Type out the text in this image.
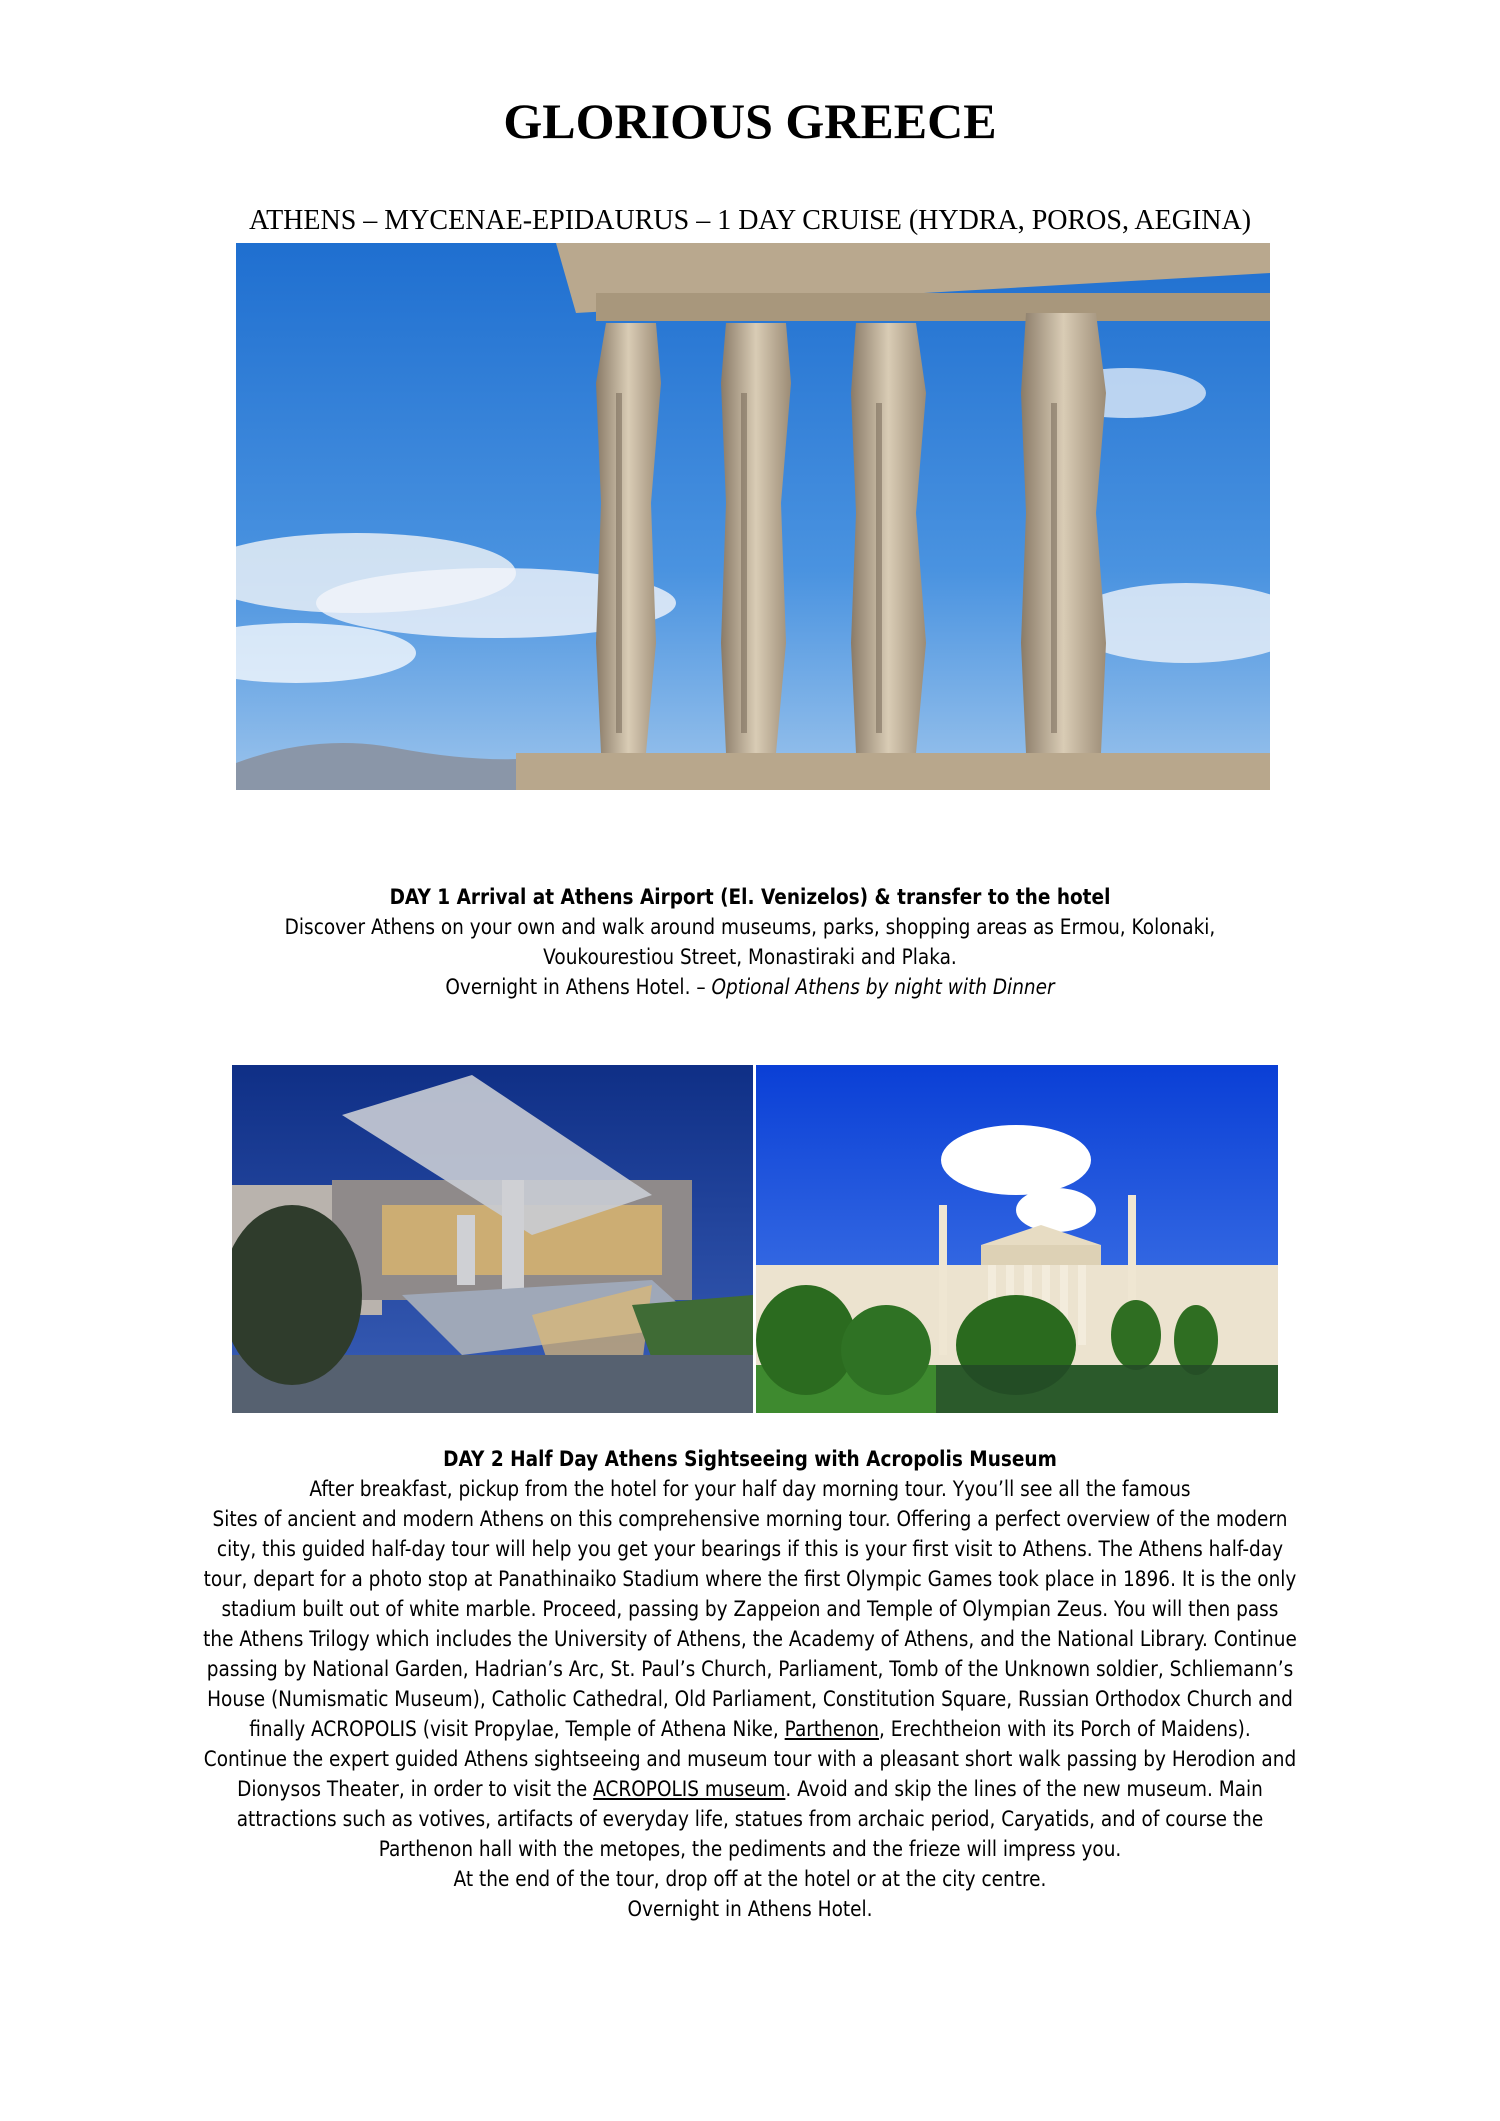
GLORIOUS GREECE

ATHENS – MYCENAE-EPIDAURUS – 1 DAY CRUISE (HYDRA, POROS, AEGINA)

DAY 1 Arrival at Athens Airport (El. Venizelos) & transfer to the hotel

Discover Athens on your own and walk around museums, parks, shopping areas as Ermou, Kolonaki,

Voukourestiou Street, Monastiraki and Plaka.

Overnight in Athens Hotel. – Optional Athens by night with Dinner

DAY 2 Half Day Athens Sightseeing with Acropolis Museum

After breakfast, pickup from the hotel for your half day morning tour. Yyou’ll see all the famous

Sites of ancient and modern Athens on this comprehensive morning tour. Offering a perfect overview of the modern

city, this guided half-day tour will help you get your bearings if this is your first visit to Athens. The Athens half-day

tour, depart for a photo stop at Panathinaiko Stadium where the first Olympic Games took place in 1896. It is the only

stadium built out of white marble. Proceed, passing by Zappeion and Temple of Olympian Zeus. You will then pass

the Athens Trilogy which includes the University of Athens, the Academy of Athens, and the National Library. Continue

passing by National Garden, Hadrian’s Arc, St. Paul’s Church, Parliament, Tomb of the Unknown soldier, Schliemann’s

House (Numismatic Museum), Catholic Cathedral, Old Parliament, Constitution Square, Russian Orthodox Church and

finally ACROPOLIS (visit Propylae, Temple of Athena Nike, Parthenon, Erechtheion with its Porch of Maidens).

Continue the expert guided Athens sightseeing and museum tour with a pleasant short walk passing by Herodion and

Dionysos Theater, in order to visit the ACROPOLIS museum. Avoid and skip the lines of the new museum. Main

attractions such as votives, artifacts of everyday life, statues from archaic period, Caryatids, and of course the

Parthenon hall with the metopes, the pediments and the frieze will impress you.

At the end of the tour, drop off at the hotel or at the city centre.

Overnight in Athens Hotel.
